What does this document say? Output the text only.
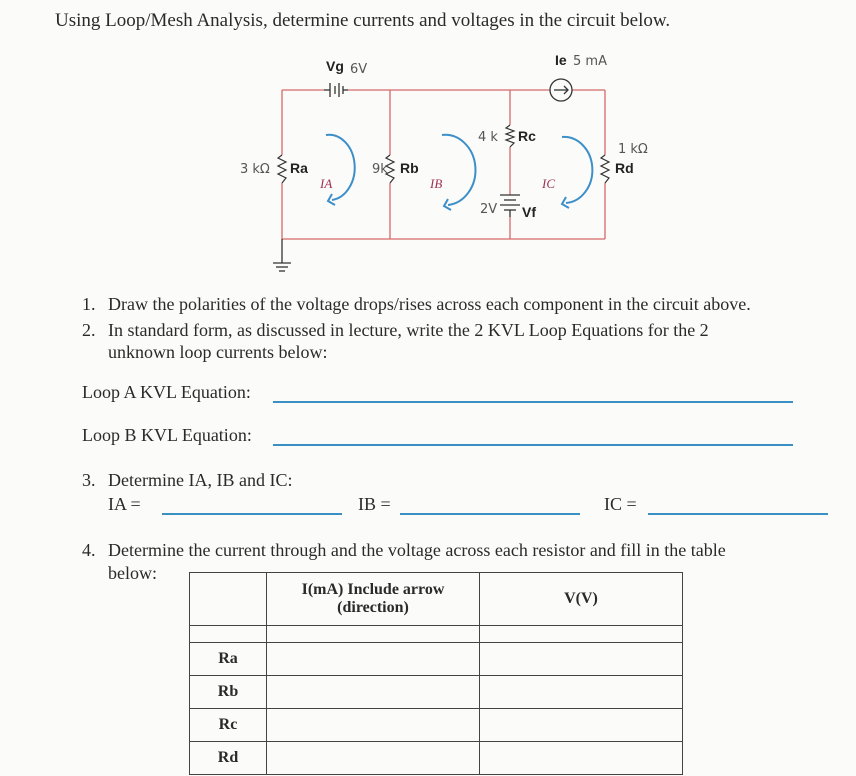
Using Loop/Mesh Analysis, determine currents and voltages in the circuit below.
Vg 6V
Ie 5 mA
Ra
3 kΩ	Rb
9k
Rc
4 k
Rd
1 kΩ
Vf
2V
IA	IB	IC
1. Draw the polarities of the voltage drops/rises across each component in the circuit above.
2. In standard form, as discussed in lecture, write the 2 KVL Loop Equations for the 2
unknown loop currents below:
Loop A KVL Equation:
Loop B KVL Equation:
3. Determine IA, IB and IC:
IA =	IB =	IC =
4. Determine the current through and the voltage across each resistor and fill in the table
below:
	I(mA) Include arrow (direction)	V(V)

Ra		
Rb		
Rc		
Rd		
